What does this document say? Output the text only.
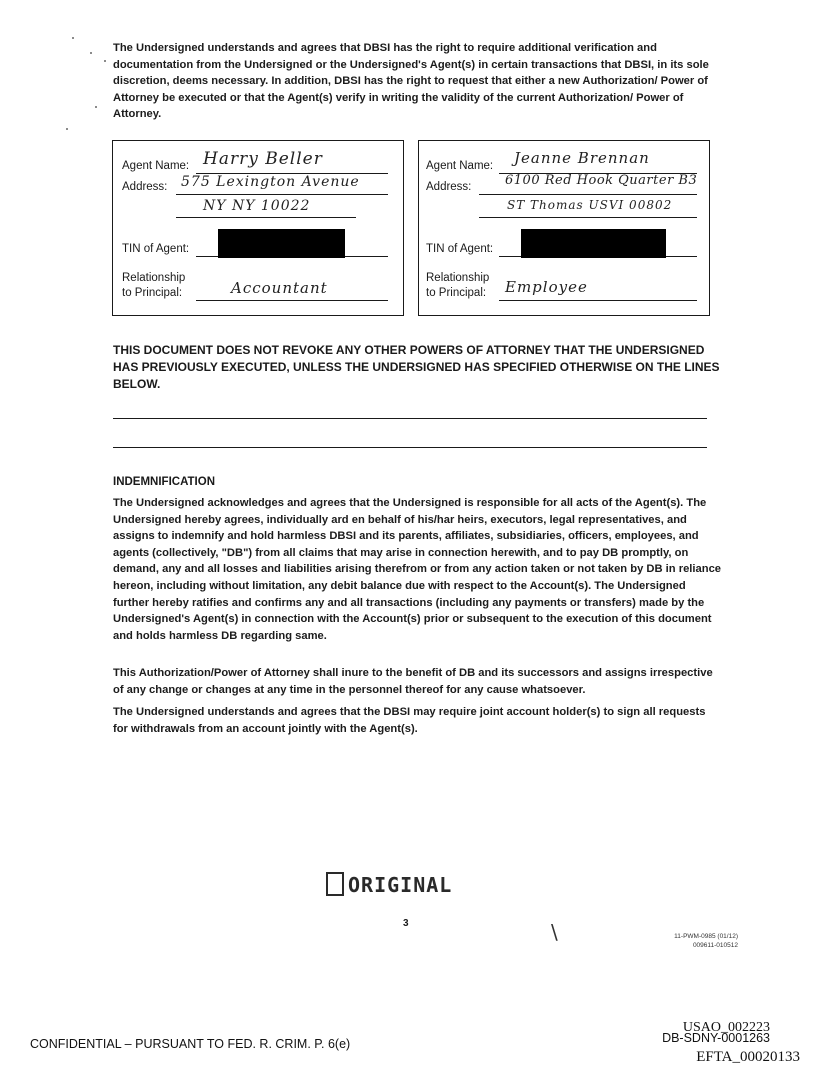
The Undersigned understands and agrees that DBSI has the right to require additional verification and documentation from the Undersigned or the Undersigned's Agent(s) in certain transactions that DBSI, in its sole discretion, deems necessary. In addition, DBSI has the right to request that either a new Authorization/ Power of Attorney be executed or that the Agent(s) verify in writing the validity of the current Authorization/ Power of Attorney.
Agent Name: Harry Beller
Address: 575 Lexington Avenue
NY NY 10022
TIN of Agent:
Relationship
to Principal:	Accountant
Agent Name: Jeanne Brennan
Address:	6100 Red Hook Quarter B3
ST Thomas USVI 00802
TIN of Agent:
Relationship
to Principal: Employee
THIS DOCUMENT DOES NOT REVOKE ANY OTHER POWERS OF ATTORNEY THAT THE UNDERSIGNED HAS PREVIOUSLY EXECUTED, UNLESS THE UNDERSIGNED HAS SPECIFIED OTHERWISE ON THE LINES BELOW.
INDEMNIFICATION
The Undersigned acknowledges and agrees that the Undersigned is responsible for all acts of the Agent(s). The Undersigned hereby agrees, individually ard en behalf of his/har heirs, executors, legal representatives, and assigns to indemnify and hold harmless DBSI and its parents, affiliates, subsidiaries, officers, employees, and agents (collectively, "DB") from all claims that may arise in connection herewith, and to pay DB promptly, on demand, any and all losses and liabilities arising therefrom or from any action taken or not taken by DB in reliance hereon, including without limitation, any debit balance due with respect to the Account(s). The Undersigned further hereby ratifies and confirms any and all transactions (including any payments or transfers) made by the Undersigned's Agent(s) in connection with the Account(s) prior or subsequent to the execution of this document and holds harmless DB regarding same.
This Authorization/Power of Attorney shall inure to the benefit of DB and its successors and assigns irrespective of any change or changes at any time in the personnel thereof for any cause whatsoever.
The Undersigned understands and agrees that the DBSI may require joint account holder(s) to sign all requests for withdrawals from an account jointly with the Agent(s).
ORIGINAL
3	\	11-PWM-0985 (01/12)
009611-010512
CONFIDENTIAL – PURSUANT TO FED. R. CRIM. P. 6(e)
USAO_002223
DB-SDNY-0001263
EFTA_00020133
